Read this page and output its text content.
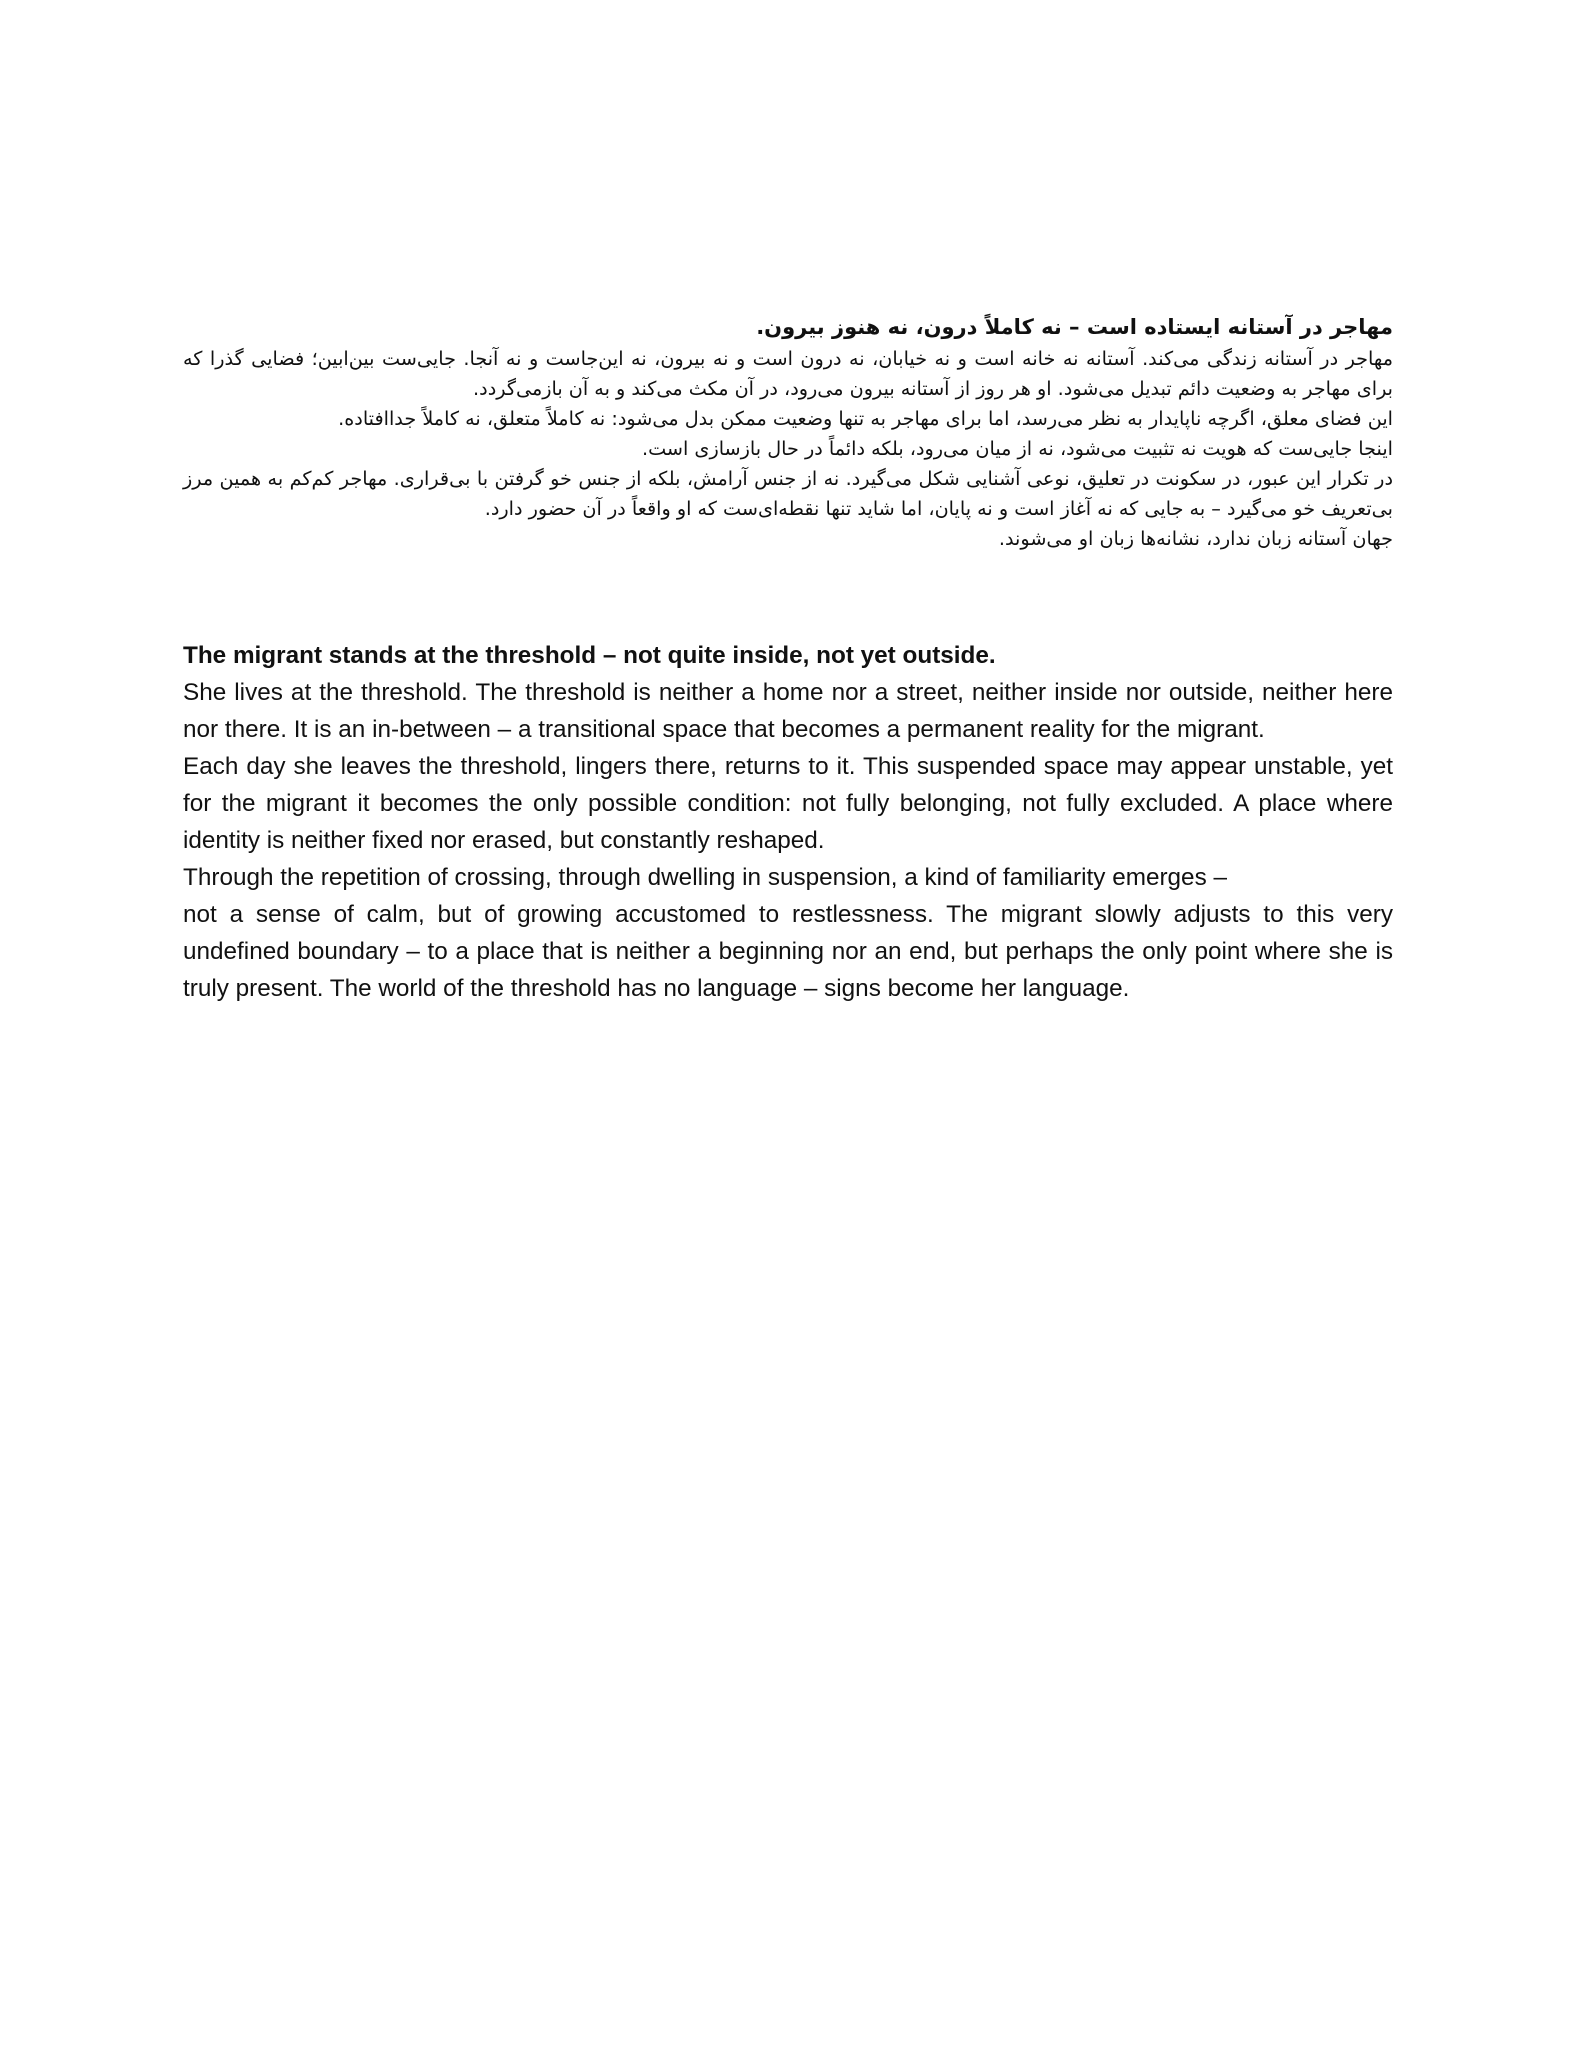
مهاجر در آستانه ایستاده است – نه کاملاً درون، نه هنوز بیرون.

مهاجر در آستانه زندگی می‌کند. آستانه نه خانه است و نه خیابان، نه درون است و نه بیرون، نه این‌جاست و نه آنجا. جایی‌ست بین‌ابین؛ فضایی گذرا که برای مهاجر به وضعیت دائم تبدیل می‌شود. او هر روز از آستانه بیرون می‌رود، در آن مکث می‌کند و به آن بازمی‌گردد.

این فضای معلق، اگرچه ناپایدار به نظر می‌رسد، اما برای مهاجر به تنها وضعیت ممکن بدل می‌شود: نه کاملاً متعلق، نه کاملاً جداافتاده.

اینجا جایی‌ست که هویت نه تثبیت می‌شود، نه از میان می‌رود، بلکه دائماً در حال بازسازی است.

در تکرار این عبور، در سکونت در تعلیق، نوعی آشنایی شکل می‌گیرد. نه از جنس آرامش، بلکه از جنس خو گرفتن با بی‌قراری. مهاجر کم‌کم به همین مرز بی‌تعریف خو می‌گیرد – به جایی که نه آغاز است و نه پایان، اما شاید تنها نقطه‌ای‌ست که او واقعاً در آن حضور دارد.

جهان آستانه زبان ندارد، نشانه‌ها زبان او می‌شوند.

The migrant stands at the threshold – not quite inside, not yet outside.

She lives at the threshold. The threshold is neither a home nor a street, neither inside nor outside, neither here nor there. It is an in-between – a transitional space that becomes a permanent reality for the migrant.

Each day she leaves the threshold, lingers there, returns to it. This suspended space may appear unstable, yet for the migrant it becomes the only possible condition: not fully belonging, not fully excluded. A place where identity is neither fixed nor erased, but constantly reshaped.

Through the repetition of crossing, through dwelling in suspension, a kind of familiarity emerges –

not a sense of calm, but of growing accustomed to restlessness. The migrant slowly adjusts to this very undefined boundary – to a place that is neither a beginning nor an end, but perhaps the only point where she is truly present. The world of the threshold has no language – signs become her language.
